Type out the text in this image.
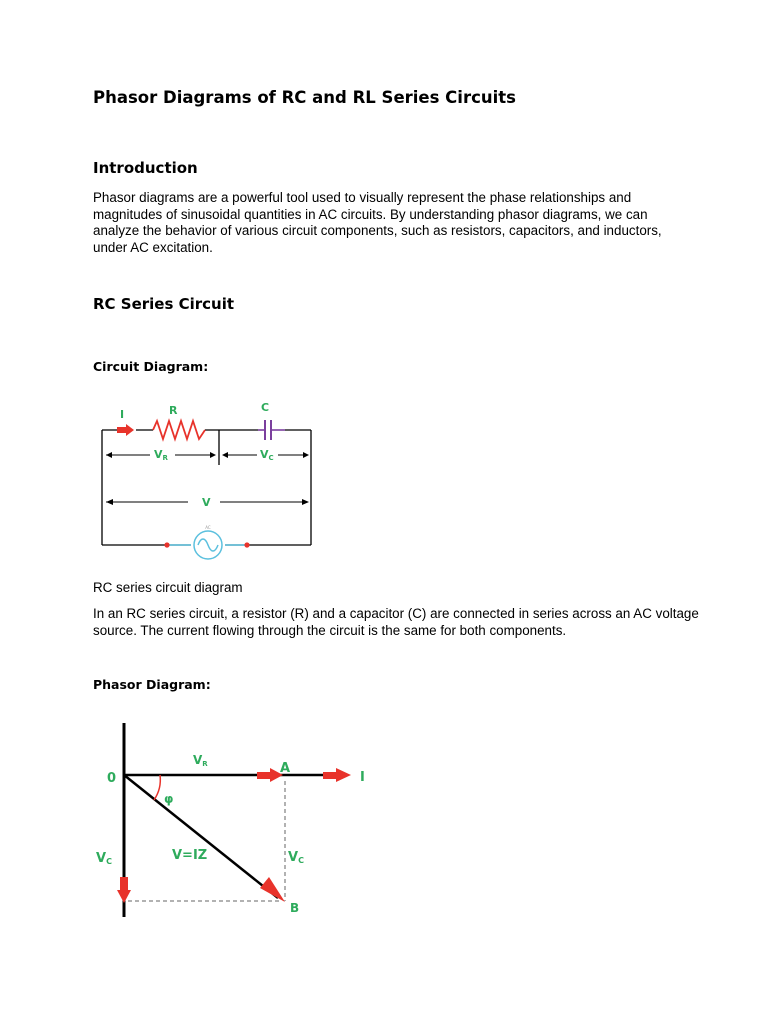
Phasor Diagrams of RC and RL Series Circuits
Introduction

Phasor diagrams are a powerful tool used to visually represent the phase relationships and magnitudes of sinusoidal quantities in AC circuits. By understanding phasor diagrams, we can analyze the behavior of various circuit components, such as resistors, capacitors, and inductors, under AC excitation.

RC Series Circuit
Circuit Diagram:
I	R	C
VR	VC
V
AC

RC series circuit diagram

In an RC series circuit, a resistor (R) and a capacitor (C) are connected in series across an AC voltage source. The current flowing through the circuit is the same for both components.

Phasor Diagram:
0
VR	A
I
φ
VC	V=IZ	VC
B
